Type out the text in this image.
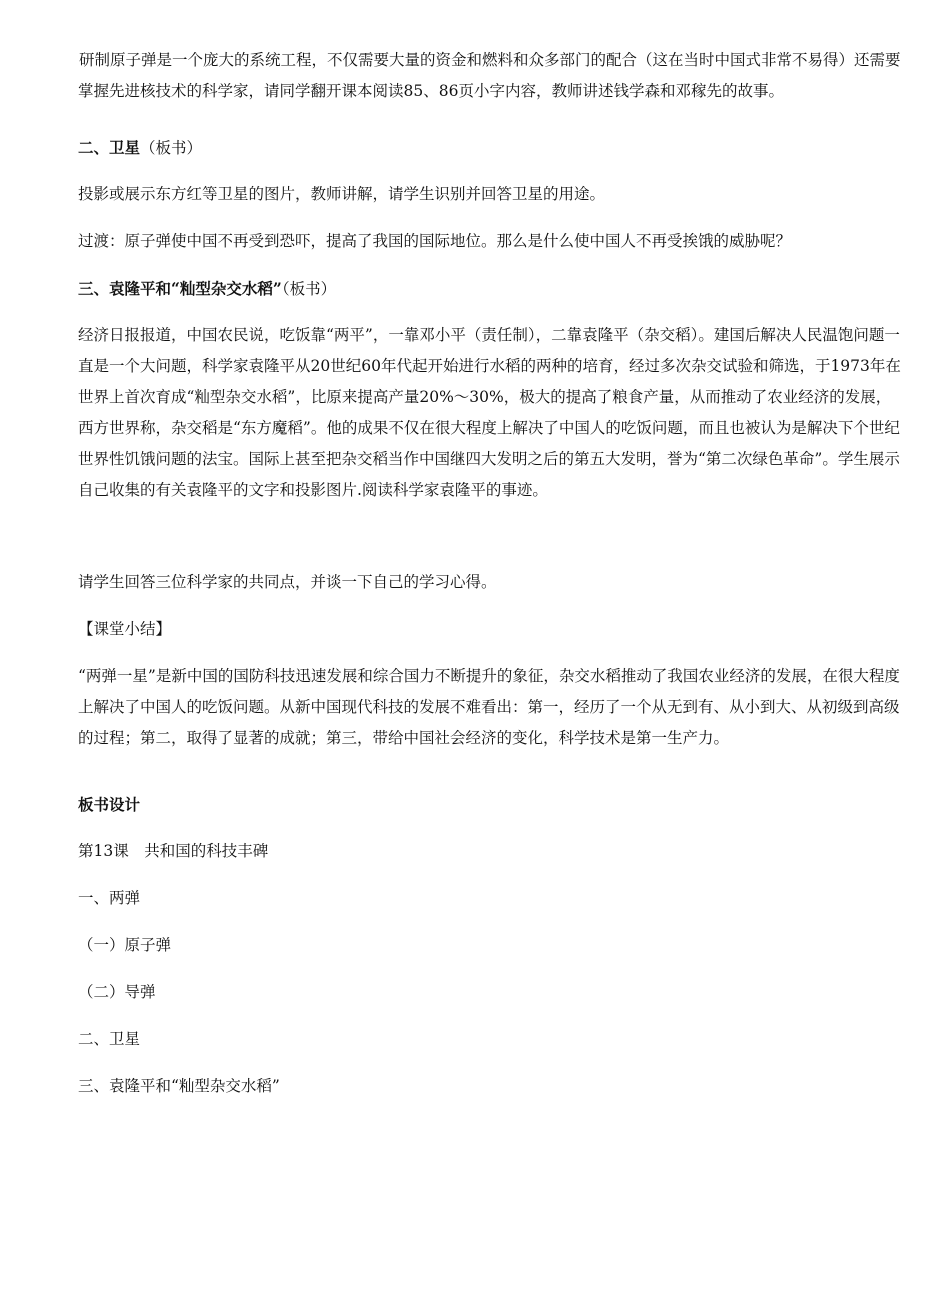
研制原子弹是一个庞大的系统工程，不仅需要大量的资金和燃料和众多部门的配合（这在当时中国式非常不易得）还需要掌握先进核技术的科学家，请同学翻开课本阅读85、86页小字内容，教师讲述钱学森和邓稼先的故事。

二、卫星（板书）

投影或展示东方红等卫星的图片，教师讲解，请学生识别并回答卫星的用途。

过渡：原子弹使中国不再受到恐吓，提高了我国的国际地位。那么是什么使中国人不再受挨饿的威胁呢？

三、袁隆平和“籼型杂交水稻”（板书）

经济日报报道，中国农民说，吃饭靠“两平”，一靠邓小平（责任制），二靠袁隆平（杂交稻）。建国后解决人民温饱问题一直是一个大问题，科学家袁隆平从20世纪60年代起开始进行水稻的两种的培育，经过多次杂交试验和筛选，于1973年在世界上首次育成“籼型杂交水稻”，比原来提高产量20%～30%，极大的提高了粮食产量，从而推动了农业经济的发展，西方世界称，杂交稻是“东方魔稻”。他的成果不仅在很大程度上解决了中国人的吃饭问题，而且也被认为是解决下个世纪世界性饥饿问题的法宝。国际上甚至把杂交稻当作中国继四大发明之后的第五大发明，誉为“第二次绿色革命”。学生展示自己收集的有关袁隆平的文字和投影图片.阅读科学家袁隆平的事迹。

请学生回答三位科学家的共同点，并谈一下自己的学习心得。

【课堂小结】

“两弹一星”是新中国的国防科技迅速发展和综合国力不断提升的象征，杂交水稻推动了我国农业经济的发展，在很大程度上解决了中国人的吃饭问题。从新中国现代科技的发展不难看出：第一，经历了一个从无到有、从小到大、从初级到高级的过程；第二，取得了显著的成就；第三，带给中国社会经济的变化，科学技术是第一生产力。

板书设计

第13课　共和国的科技丰碑

一、两弹

（一）原子弹

（二）导弹

二、卫星

三、袁隆平和“籼型杂交水稻”
